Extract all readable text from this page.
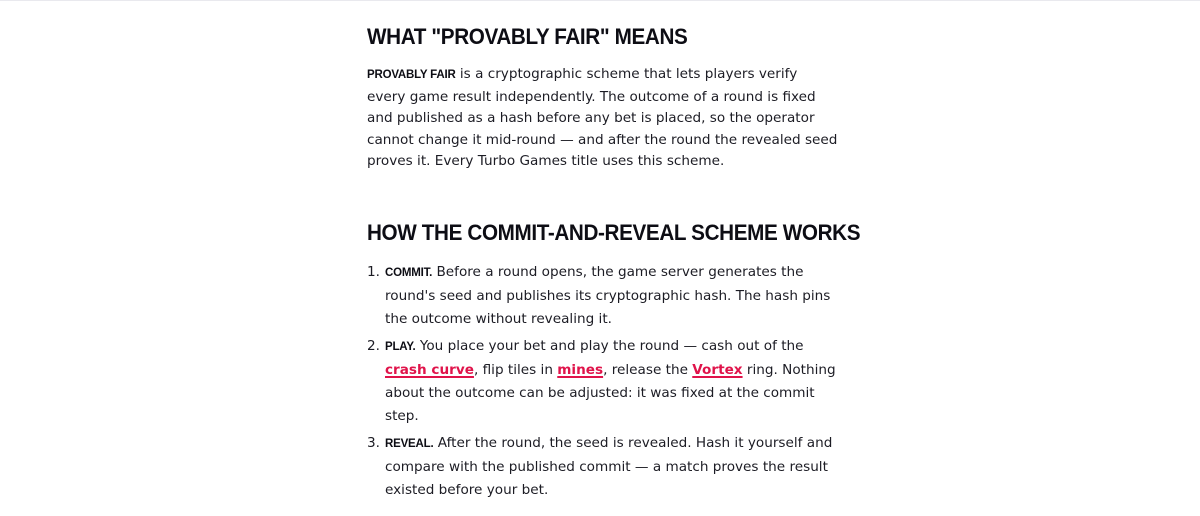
WHAT "PROVABLY FAIR" MEANS

PROVABLY FAIR is a cryptographic scheme that lets players verify every game result independently. The outcome of a round is fixed and published as a hash before any bet is placed, so the operator cannot change it mid-round — and after the round the revealed seed proves it. Every Turbo Games title uses this scheme.

HOW THE COMMIT-AND-REVEAL SCHEME WORKS
1. COMMIT. Before a round opens, the game server generates the round's seed and publishes its cryptographic hash. The hash pins the outcome without revealing it.
2. PLAY. You place your bet and play the round — cash out of the crash curve, flip tiles in mines, release the Vortex ring. Nothing about the outcome can be adjusted: it was fixed at the commit step.
3. REVEAL. After the round, the seed is revealed. Hash it yourself and compare with the published commit — a match proves the result existed before your bet.
